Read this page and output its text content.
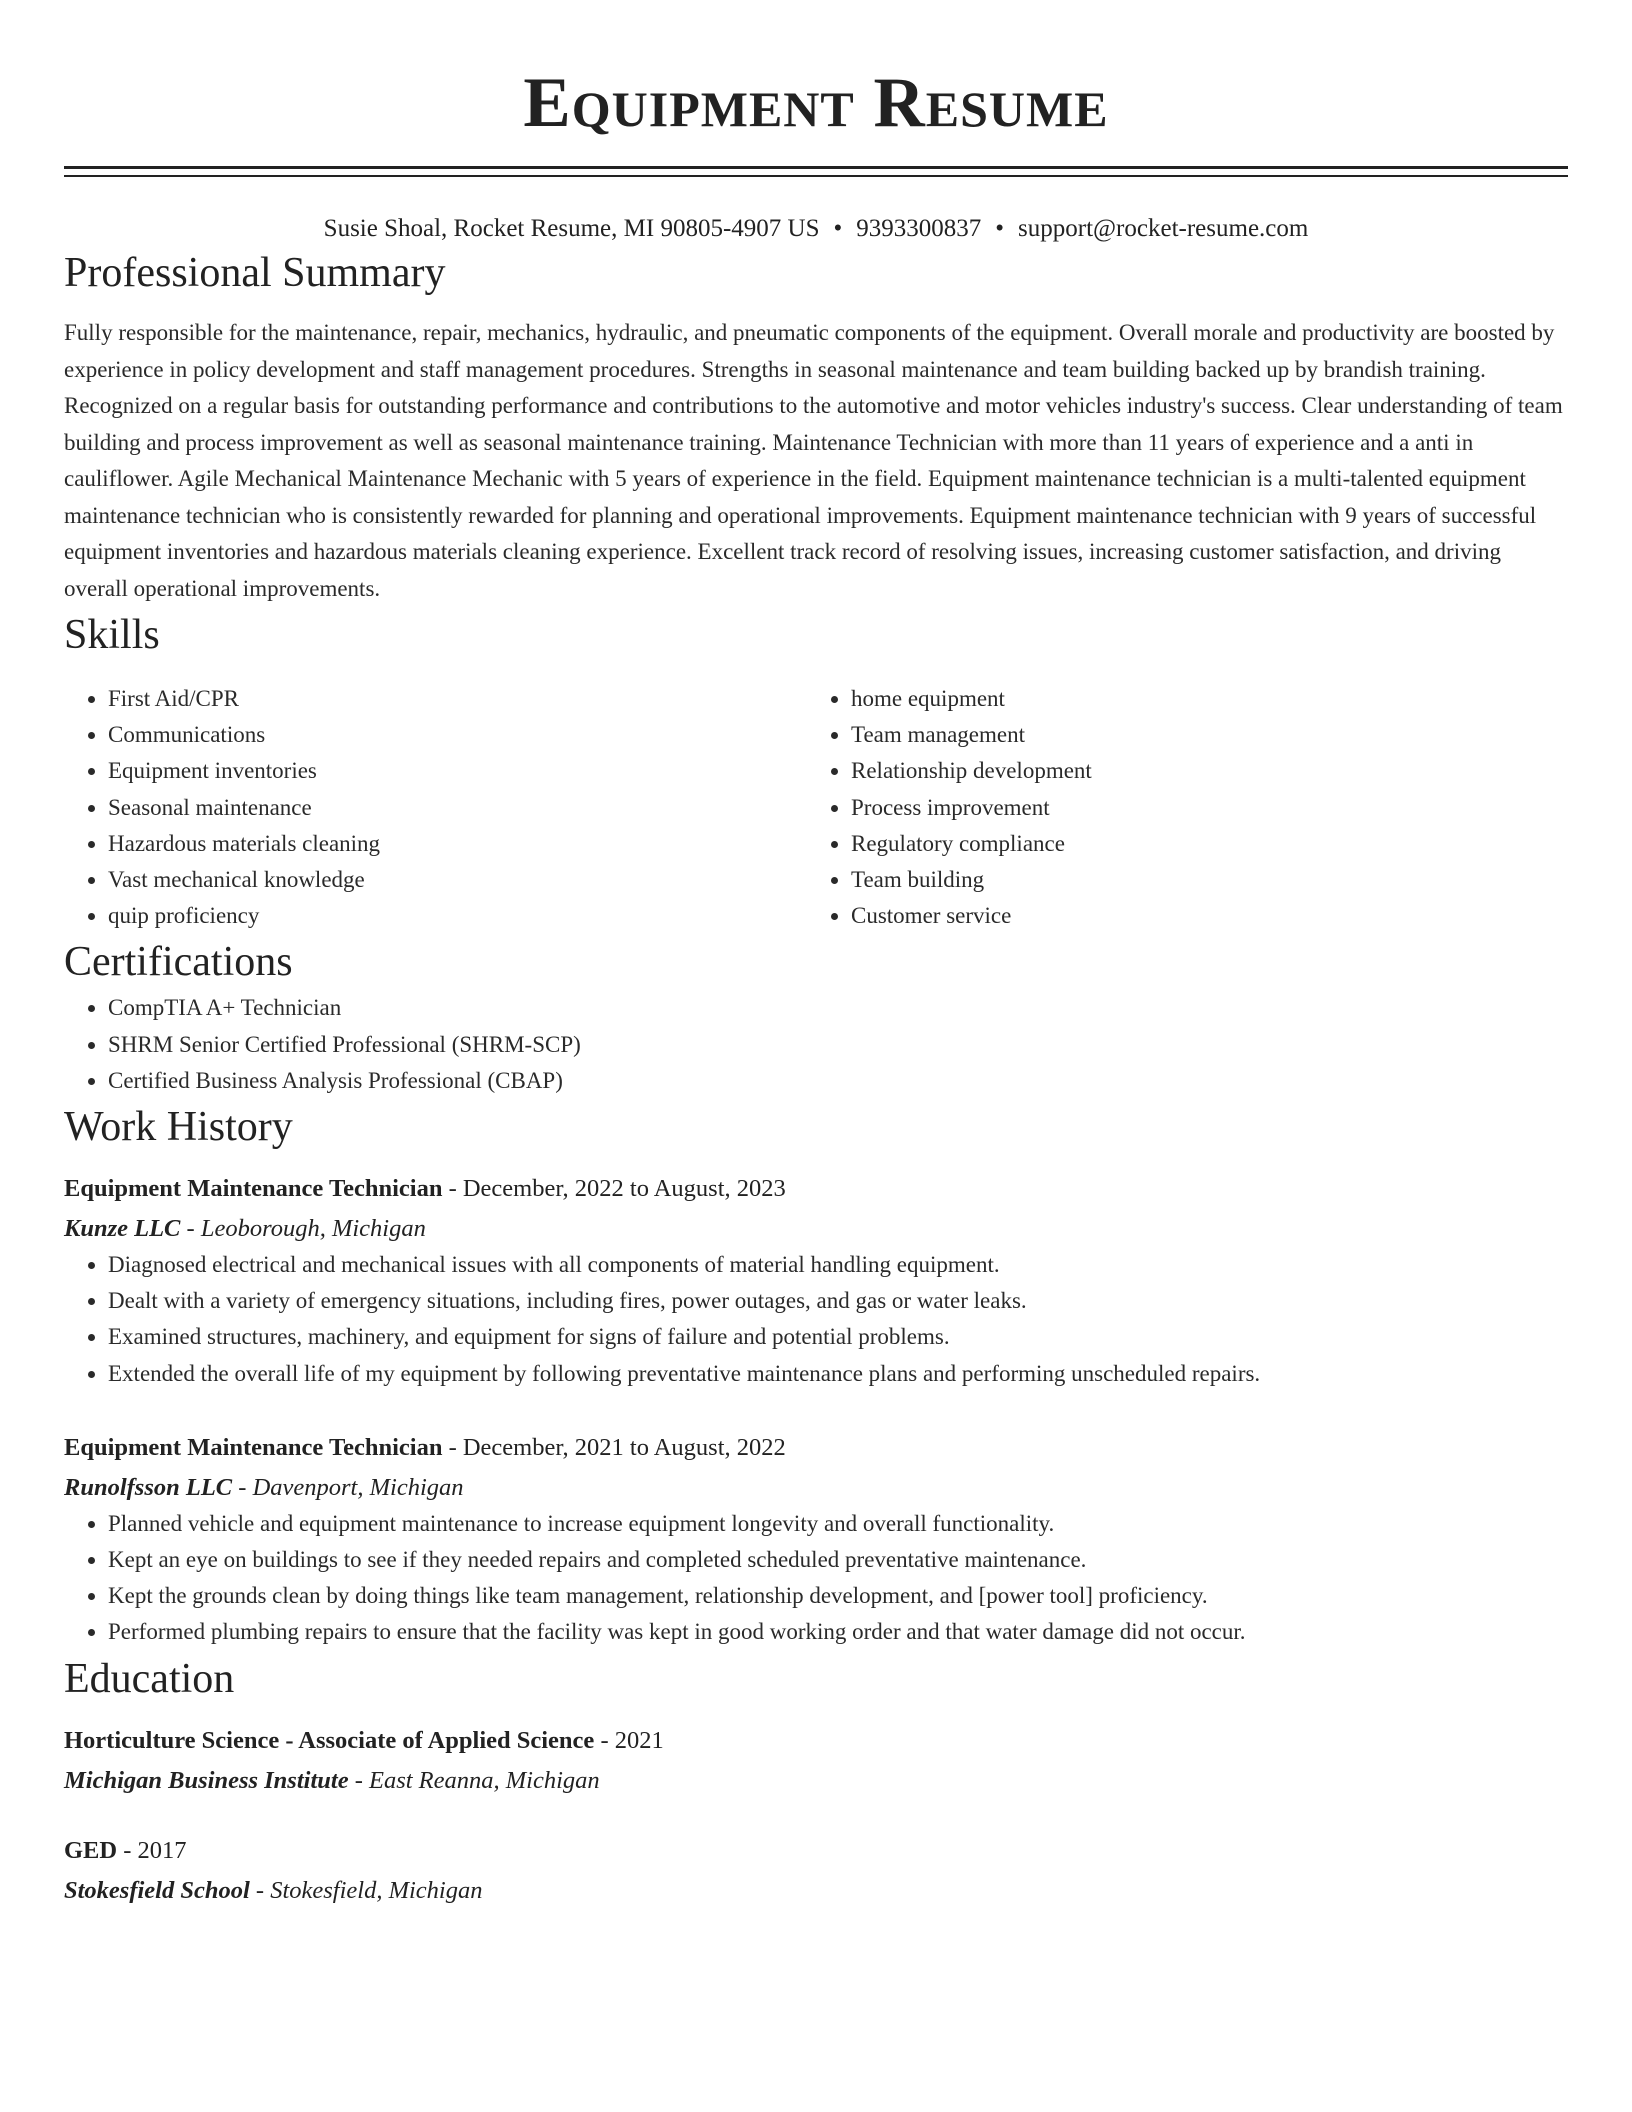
Equipment Resume
Susie Shoal, Rocket Resume, MI 90805-4907 US • 9393300837 • support@rocket-resume.com
Professional Summary

Fully responsible for the maintenance, repair, mechanics, hydraulic, and pneumatic components of the equipment. Overall morale and productivity are boosted by experience in policy development and staff management procedures. Strengths in seasonal maintenance and team building backed up by brandish training. Recognized on a regular basis for outstanding performance and contributions to the automotive and motor vehicles industry's success. Clear understanding of team building and process improvement as well as seasonal maintenance training. Maintenance Technician with more than 11 years of experience and a anti in cauliflower. Agile Mechanical Maintenance Mechanic with 5 years of experience in the field. Equipment maintenance technician is a multi-talented equipment maintenance technician who is consistently rewarded for planning and operational improvements. Equipment maintenance technician with 9 years of successful equipment inventories and hazardous materials cleaning experience. Excellent track record of resolving issues, increasing customer satisfaction, and driving overall operational improvements.

Skills
• First Aid/CPR
• Communications
• Equipment inventories
• Seasonal maintenance
• Hazardous materials cleaning
• Vast mechanical knowledge
• quip proficiency
• home equipment
• Team management
• Relationship development
• Process improvement
• Regulatory compliance
• Team building
• Customer service
Certifications
• CompTIA A+ Technician
• SHRM Senior Certified Professional (SHRM-SCP)
• Certified Business Analysis Professional (CBAP)
Work History
Equipment Maintenance Technician - December, 2022 to August, 2023
Kunze LLC - Leoborough, Michigan
• Diagnosed electrical and mechanical issues with all components of material handling equipment.
• Dealt with a variety of emergency situations, including fires, power outages, and gas or water leaks.
• Examined structures, machinery, and equipment for signs of failure and potential problems.
• Extended the overall life of my equipment by following preventative maintenance plans and performing unscheduled repairs.
Equipment Maintenance Technician - December, 2021 to August, 2022
Runolfsson LLC - Davenport, Michigan
• Planned vehicle and equipment maintenance to increase equipment longevity and overall functionality.
• Kept an eye on buildings to see if they needed repairs and completed scheduled preventative maintenance.
• Kept the grounds clean by doing things like team management, relationship development, and [power tool] proficiency.
• Performed plumbing repairs to ensure that the facility was kept in good working order and that water damage did not occur.
Education
Horticulture Science - Associate of Applied Science - 2021
Michigan Business Institute - East Reanna, Michigan
GED - 2017
Stokesfield School - Stokesfield, Michigan
